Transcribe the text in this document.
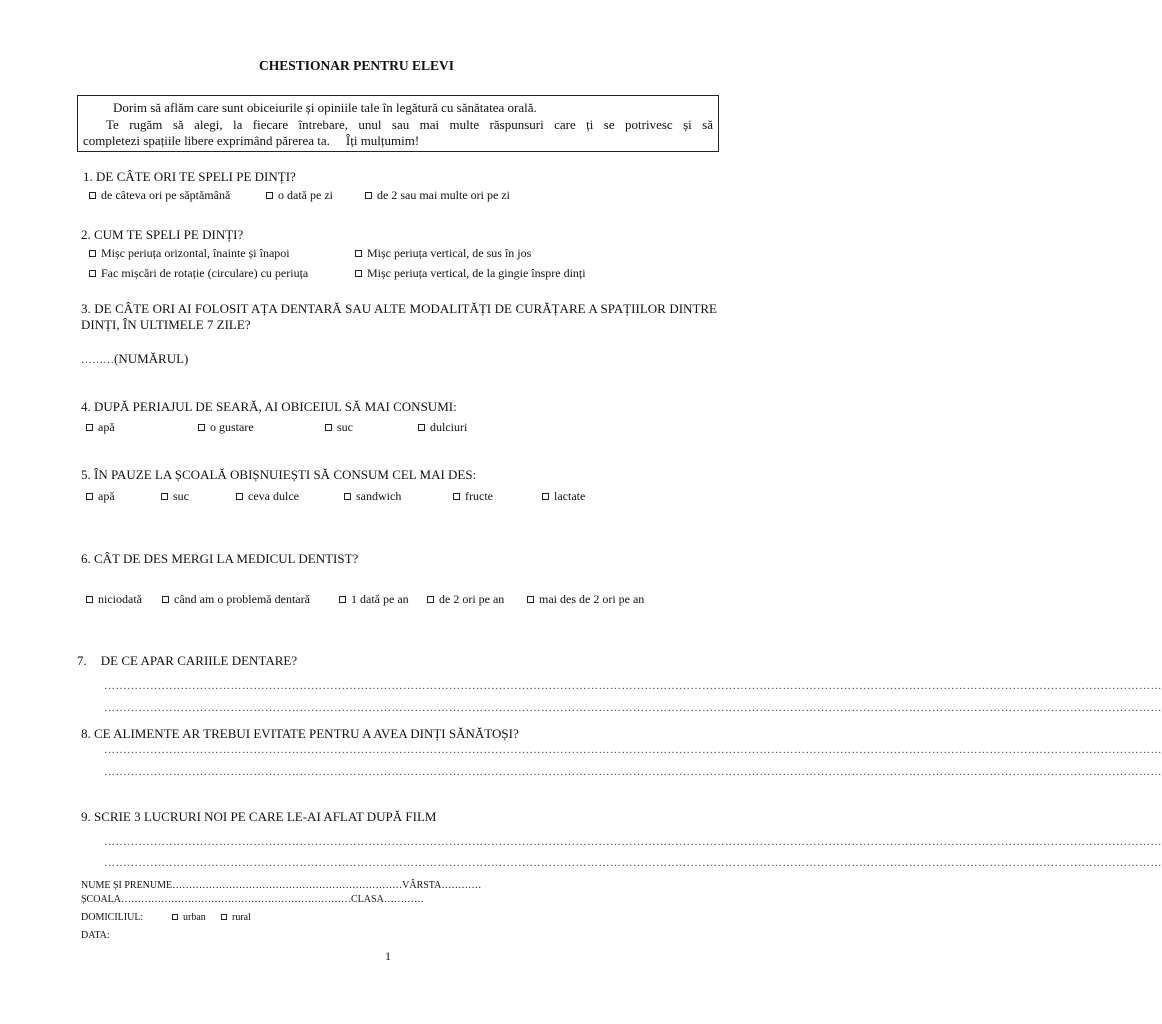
CHESTIONAR PENTRU ELEVI
Dorim să aflăm care sunt obiceiurile și opiniile tale în legătură cu sănătatea orală.
Te rugăm să alegi, la fiecare întrebare, unul sau mai multe răspunsuri care ți se potrivesc și să
completezi spațiile libere exprimând părerea ta. Îți mulțumim!
1. DE CÂTE ORI TE SPELI PE DINȚI?
de câteva ori pe săptămână	o dată pe zi	de 2 sau mai multe ori pe zi
2. CUM TE SPELI PE DINȚI?
Mișc periuța orizontal, înainte și înapoi	Mișc periuța vertical, de sus în jos
Fac mișcări de rotație (circulare) cu periuța	Mișc periuța vertical, de la gingie înspre dinți
3. DE CÂTE ORI AI FOLOSIT AȚA DENTARĂ SAU ALTE MODALITĂȚI DE CURĂȚARE A SPAȚIILOR DINTRE DINȚI, ÎN ULTIMELE 7 ZILE?
………(NUMĂRUL)
4. DUPĂ PERIAJUL DE SEARĂ, AI OBICEIUL SĂ MAI CONSUMI:
apă	o gustare	suc	dulciuri
5. ÎN PAUZE LA ȘCOALĂ OBIȘNUIEȘTI SĂ CONSUM CEL MAI DES:
apă	suc	ceva dulce	sandwich	fructe	lactate
6. CÂT DE DES MERGI LA MEDICUL DENTIST?
niciodată	când am o problemă dentară	1 dată pe an	de 2 ori pe an	mai des de 2 ori pe an
7. DE CE APAR CARIILE DENTARE?
……………………………………………………………………………………………………………………………………………………………………………………………………………………………………………………
……………………………………………………………………………………………………………………………………………………………………………………………………………………………………………………
8. CE ALIMENTE AR TREBUI EVITATE PENTRU A AVEA DINȚI SĂNĂTOȘI?
……………………………………………………………………………………………………………………………………………………………………………………………………………………………………………………
……………………………………………………………………………………………………………………………………………………………………………………………………………………………………………………
9. SCRIE 3 LUCRURI NOI PE CARE LE-AI AFLAT DUPĂ FILM
……………………………………………………………………………………………………………………………………………………………………………………………………………………………………………………
……………………………………………………………………………………………………………………………………………………………………………………………………………………………………………………
NUME ȘI PRENUME……………………………………………………………VÂRSTA…………
ȘCOALA……………………………………………………………CLASA…………
DOMICILIUL:	urban	rural
DATA:
1
